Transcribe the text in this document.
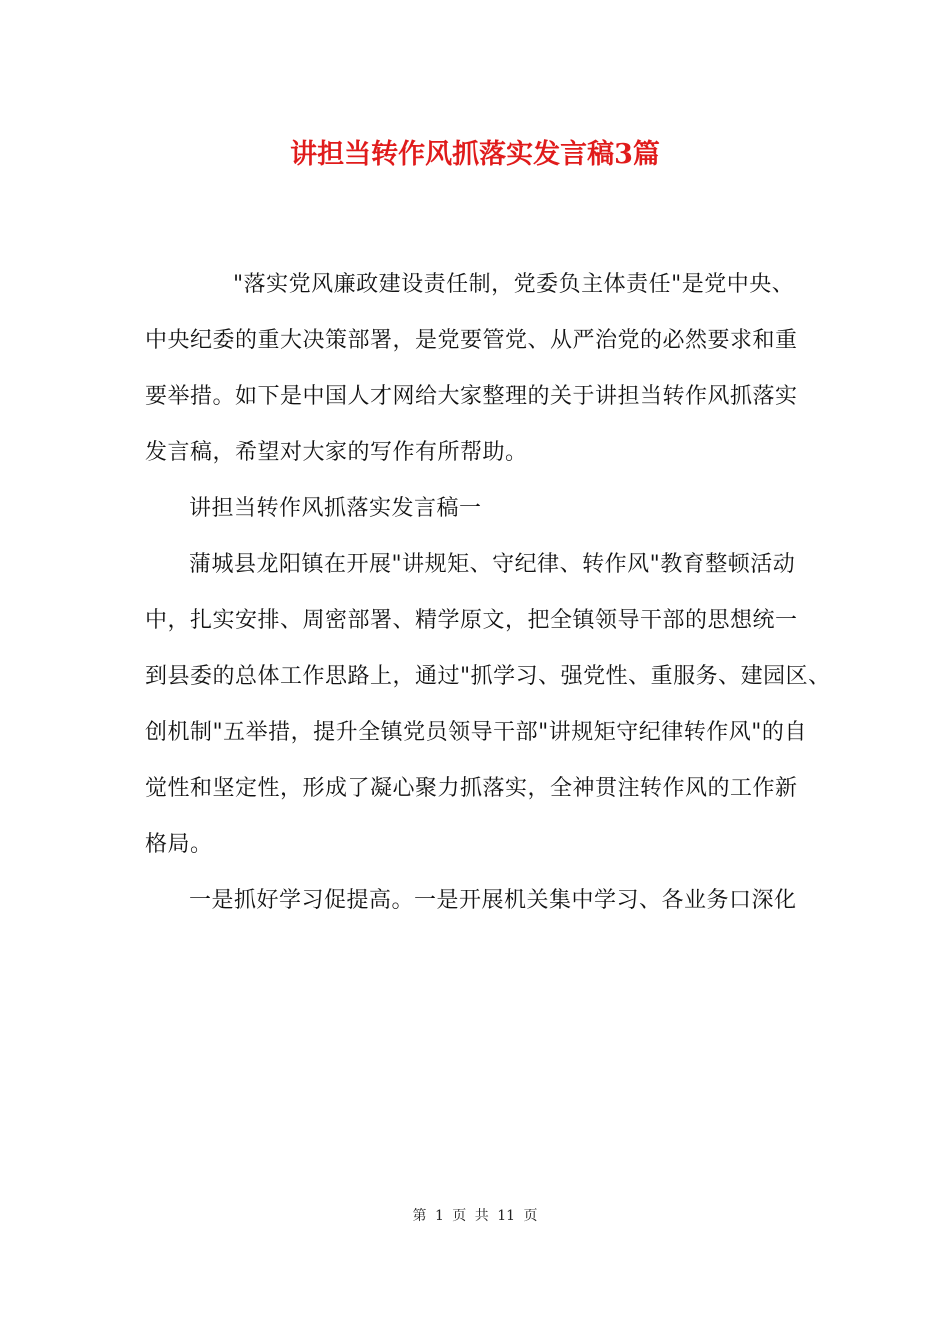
讲担当转作风抓落实发言稿3篇
"落实党风廉政建设责任制，党委负主体责任"是党中央、
中央纪委的重大决策部署，是党要管党、从严治党的必然要求和重
要举措。如下是中国人才网给大家整理的关于讲担当转作风抓落实
发言稿，希望对大家的写作有所帮助。
讲担当转作风抓落实发言稿一
蒲城县龙阳镇在开展"讲规矩、守纪律、转作风"教育整顿活动
中，扎实安排、周密部署、精学原文，把全镇领导干部的思想统一
到县委的总体工作思路上，通过"抓学习、强党性、重服务、建园区、
创机制"五举措，提升全镇党员领导干部"讲规矩守纪律转作风"的自
觉性和坚定性，形成了凝心聚力抓落实，全神贯注转作风的工作新
格局。
一是抓好学习促提高。一是开展机关集中学习、各业务口深化
第 1 页 共 11 页
